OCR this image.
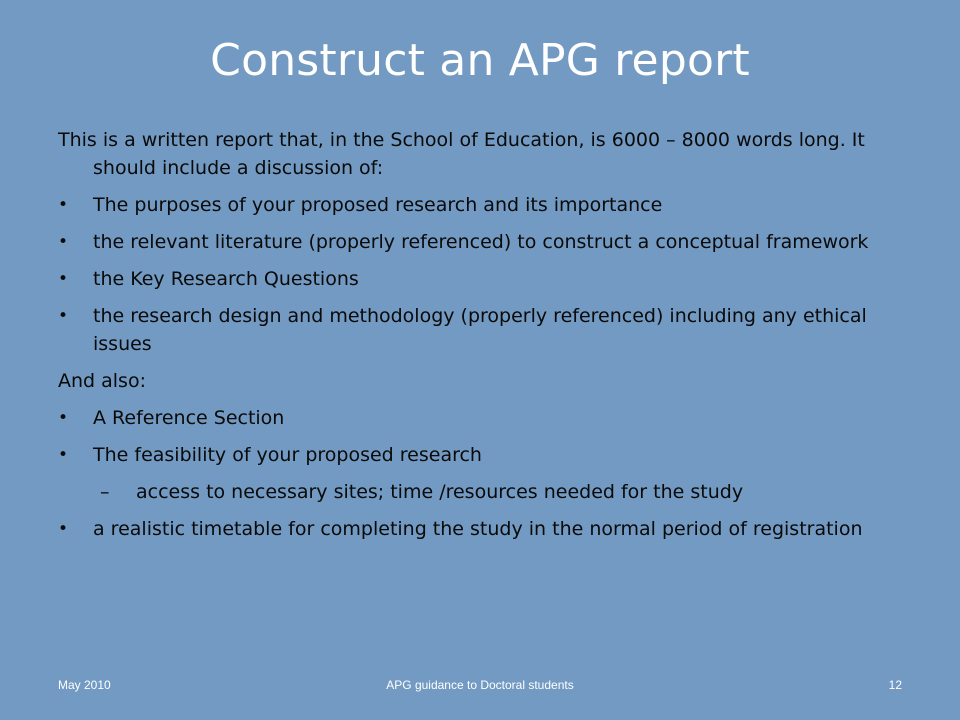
Construct an APG report
This is a written report that, in the School of Education, is 6000 – 8000 words long. It should include a discussion of:
•	The purposes of your proposed research and its importance
•	the relevant literature (properly referenced) to construct a conceptual framework
•	the Key Research Questions
•	the research design and methodology (properly referenced) including any ethical issues
And also:
•	A Reference Section
•	The feasibility of your proposed research
– access to necessary sites; time /resources needed for the study
•	a realistic timetable for completing the study in the normal period of registration
May 2010	APG guidance to Doctoral students	12
